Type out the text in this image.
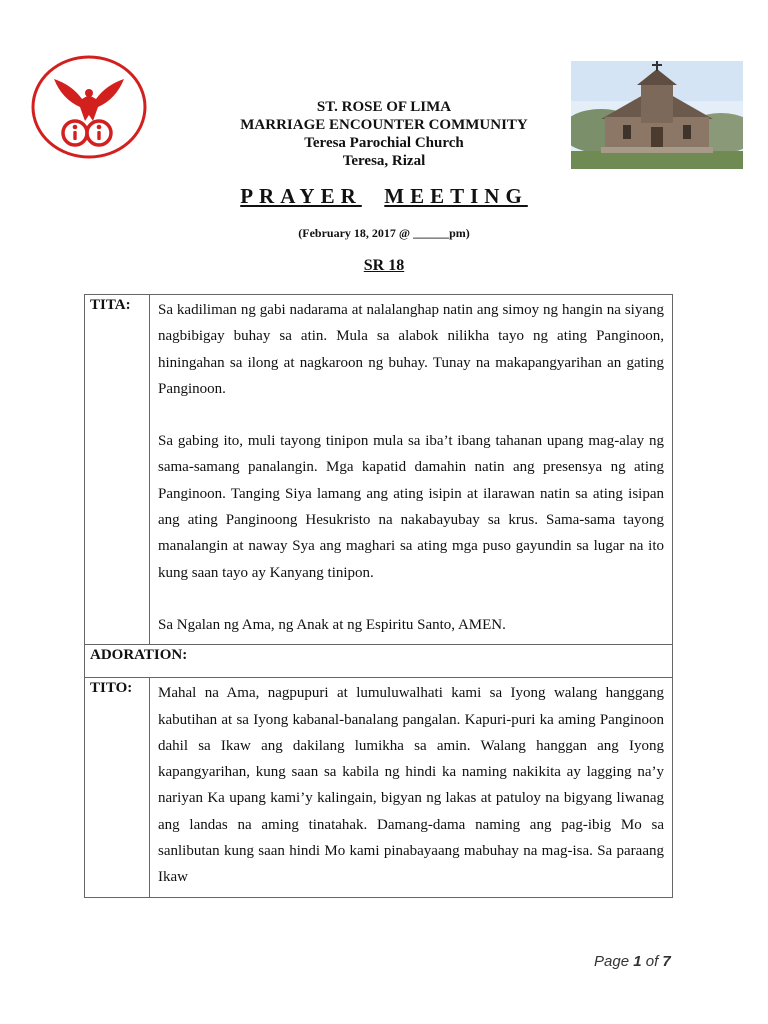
ST. ROSE OF LIMA
MARRIAGE ENCOUNTER COMMUNITY
Teresa Parochial Church
Teresa, Rizal
PRAYER MEETING
(February 18, 2017 @ ______pm)
SR 18
TITA:	Sa kadiliman ng gabi nadarama at nalalanghap natin ang simoy ng hangin na siyang nagbibigay buhay sa atin. Mula sa alabok nilikha tayo ng ating Panginoon, hiningahan sa ilong at nagkaroon ng buhay. Tunay na makapangyarihan an gating Panginoon.

Sa gabing ito, muli tayong tinipon mula sa iba’t ibang tahanan upang mag-alay ng sama-samang panalangin. Mga kapatid damahin natin ang presensya ng ating Panginoon. Tanging Siya lamang ang ating isipin at ilarawan natin sa ating isipan ang ating Panginoong Hesukristo na nakabayubay sa krus. Sama-sama tayong manalangin at naway Sya ang maghari sa ating mga puso gayundin sa lugar na ito kung saan tayo ay Kanyang tinipon.

Sa Ngalan ng Ama, ng Anak at ng Espiritu Santo, AMEN.

ADORATION:	
TITO:	Mahal na Ama, nagpupuri at lumuluwalhati kami sa Iyong walang hanggang kabutihan at sa Iyong kabanal-banalang pangalan. Kapuri-puri ka aming Panginoon dahil sa Ikaw ang dakilang lumikha sa amin. Walang hanggan ang Iyong kapangyarihan, kung saan sa kabila ng hindi ka naming nakikita ay lagging na’y nariyan Ka upang kami’y kalingain, bigyan ng lakas at patuloy na bigyang liwanag ang landas na aming tinatahak. Damang-dama naming ang pag-ibig Mo sa sanlibutan kung saan hindi Mo kami pinabayaang mabuhay na mag-isa. Sa paraang Ikaw

Page 1 of 7
